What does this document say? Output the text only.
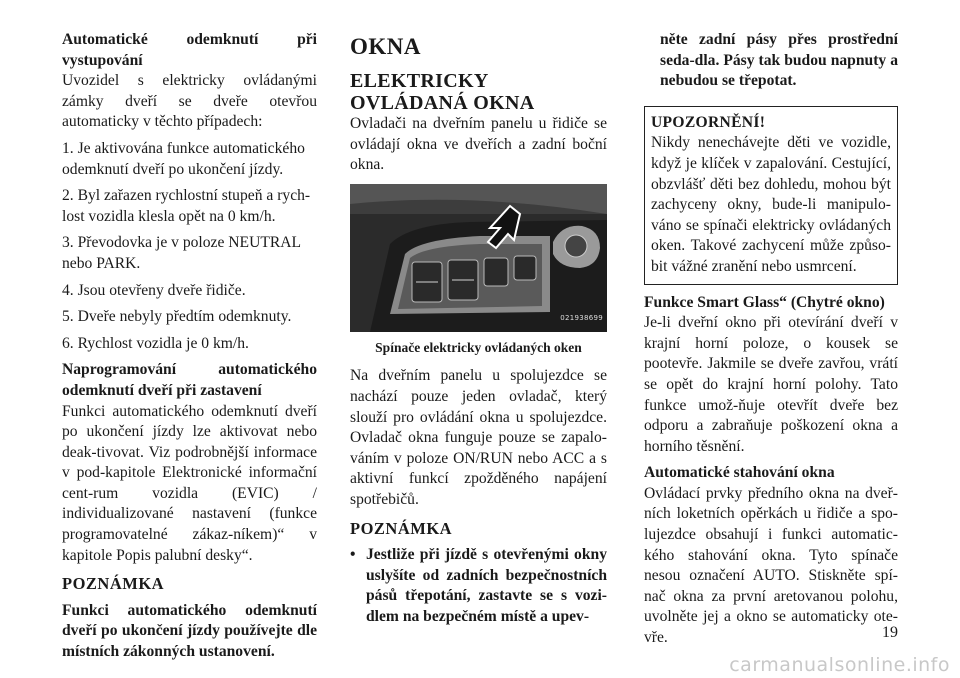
Automatické odemknutí při vystupování

Uvozidel s elektricky ovládanými zámky dveří se dveře otevřou automaticky v těchto případech:

1. Je aktivována funkce automatického odemknutí dveří po ukončení jízdy.

2. Byl zařazen rychlostní stupeň a rych-lost vozidla klesla opět na 0 km/h.

3. Převodovka je v poloze NEUTRAL nebo PARK.

4. Jsou otevřeny dveře řidiče.

5. Dveře nebyly předtím odemknuty.

6. Rychlost vozidla je 0 km/h.

Naprogramování automatického odemknutí dveří při zastavení

Funkci automatického odemknutí dveří po ukončení jízdy lze aktivovat nebo deak-tivovat. Viz podrobnější informace v pod-kapitole Elektronické informační cent-rum vozidla (EVIC) / individualizované nastavení (funkce programovatelné zákaz-níkem)“ v kapitole Popis palubní desky“.

POZNÁMKA

Funkci automatického odemknutí dveří po ukončení jízdy používejte dle místních zákonných ustanovení.

OKNA
ELEKTRICKY OVLÁDANÁ OKNA

Ovladači na dveřním panelu u řidiče se ovládají okna ve dveřích a zadní boční okna.

021938699

Spínače elektricky ovládaných oken

Na dveřním panelu u spolujezdce se nachází pouze jeden ovladač, který slouží pro ovládání okna u spolujezdce. Ovladač okna funguje pouze se zapalo-váním v poloze ON/RUN nebo ACC a s aktivní funkcí zpožděného napájení spotřebičů.

POZNÁMKA
• Jestliže při jízdě s otevřenými okny uslyšíte od zadních bezpečnostních pásů třepotání, zastavte se s vozi-dlem na bezpečném místě a upev-

něte zadní pásy přes prostřední seda-dla. Pásy tak budou napnuty a nebudou se třepotat.

UPOZORNĚNÍ!

Nikdy nenechávejte děti ve vozidle, když je klíček v zapalování. Cestující, obzvlášť děti bez dohledu, mohou být zachyceny okny, bude-li manipulo-váno se spínači elektricky ovládaných oken. Takové zachycení může způso-bit vážné zranění nebo usmrcení.

Funkce Smart Glass“ (Chytré okno)

Je-li dveřní okno při otevírání dveří v krajní horní poloze, o kousek se pootevře. Jakmile se dveře zavřou, vrátí se opět do krajní horní polohy. Tato funkce umož-ňuje otevřít dveře bez odporu a zabraňuje poškození okna a horního těsnění.

Automatické stahování okna

Ovládací prvky předního okna na dveř-ních loketních opěrkách u řidiče a spo-lujezdce obsahují i funkci automatic-kého stahování okna. Tyto spínače nesou označení AUTO. Stiskněte spí-nač okna za první aretovanou polohu, uvolněte jej a okno se automaticky ote-vře.	19
carmanualsonline.info
